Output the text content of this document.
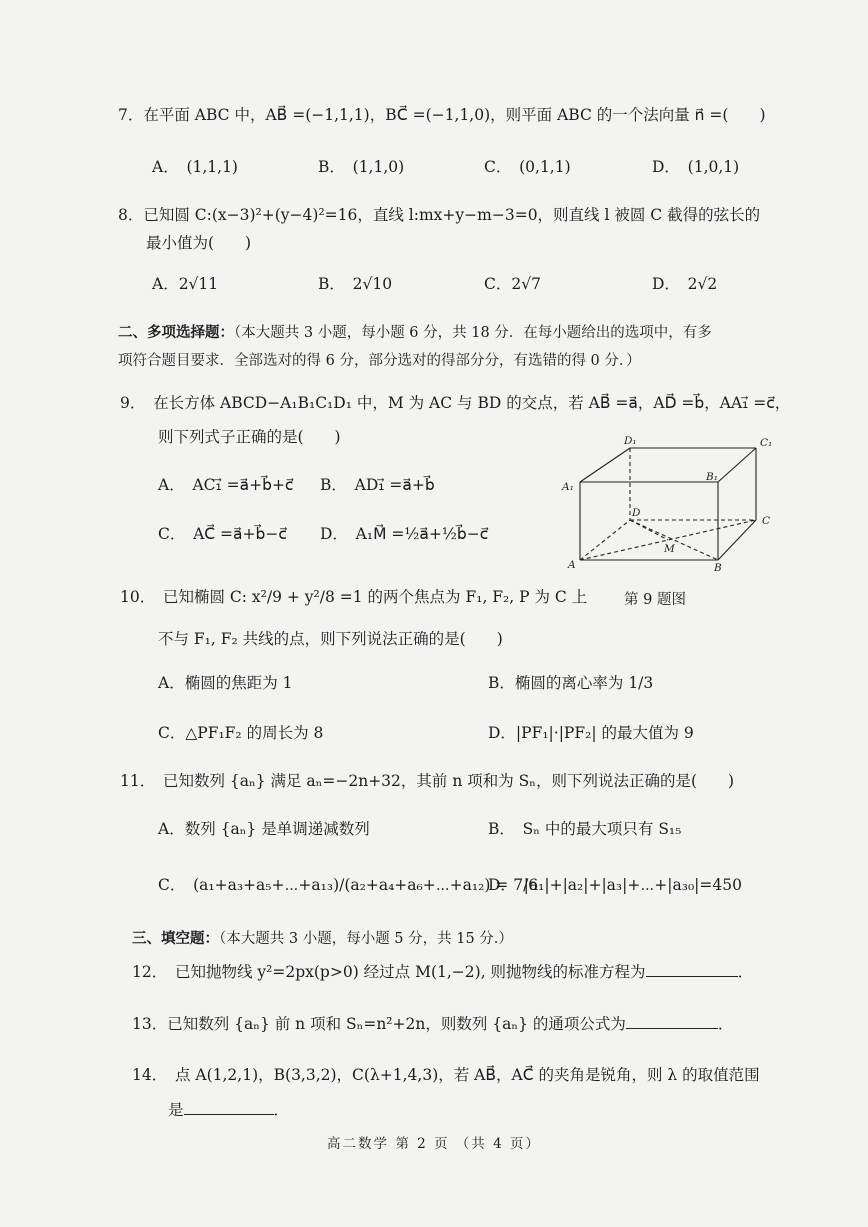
7．在平面 ABC 中，AB⃗ =(−1,1,1)，BC⃗ =(−1,1,0)，则平面 ABC 的一个法向量 n⃗ =(　　)
A．　(1,1,1)	B．　(1,1,0)	C．　(0,1,1)	D．　(1,0,1)
8．已知圆 C:(x−3)²+(y−4)²=16，直线 l:mx+y−m−3=0，则直线 l 被圆 C 截得的弦长的
最小值为(　　)
A．2√11	B．　2√10	C．2√7	D．　2√2
二、多项选择题：（本大题共 3 小题，每小题 6 分，共 18 分．在每小题给出的选项中，有多
项符合题目要求．全部选对的得 6 分，部分选对的得部分分，有选错的得 0 分．）
9．　在长方体 ABCD−A₁B₁C₁D₁ 中，M 为 AC 与 BD 的交点，若 AB⃗ =a⃗，AD⃗ =b⃗，AA₁⃗ =c⃗，
则下列式子正确的是(　　)
A．　AC₁⃗ =a⃗+b⃗+c⃗ B．　AD₁⃗ =a⃗+b⃗
C．　AC⃗ =a⃗+b⃗−c⃗ D．　A₁M⃗ =½a⃗+½b⃗−c⃗
D₁	C₁
A₁
B₁
D
C
M
A	B
第 9 题图
10．　已知椭圆 C: x²/9 + y²/8 =1 的两个焦点为 F₁, F₂, P 为 C 上
不与 F₁, F₂ 共线的点，则下列说法正确的是(　　)
A．椭圆的焦距为 1	B．椭圆的离心率为 1/3
C．△PF₁F₂ 的周长为 8	D．|PF₁|·|PF₂| 的最大值为 9
11．　已知数列 {aₙ} 满足 aₙ=−2n+32，其前 n 项和为 Sₙ，则下列说法正确的是(　　)
A．数列 {aₙ} 是单调递减数列	B．　Sₙ 中的最大项只有 S₁₅
C．　(a₁+a₃+a₅+⋯+a₁₃)/(a₂+a₄+a₆+⋯+a₁₂) = 7/6
D．　|a₁|+|a₂|+|a₃|+⋯+|a₃₀|=450
三、填空题：（本大题共 3 小题，每小题 5 分，共 15 分.）
12．　已知抛物线 y²=2px(p>0) 经过点 M(1,−2), 则抛物线的标准方程为	．
13．已知数列 {aₙ} 前 n 项和 Sₙ=n²+2n，则数列 {aₙ} 的通项公式为	．
14．　点 A(1,2,1)，B(3,3,2)，C(λ+1,4,3)，若 AB⃗，AC⃗ 的夹角是锐角，则 λ 的取值范围
是	．
高二数学 第 2 页 （共 4 页）
